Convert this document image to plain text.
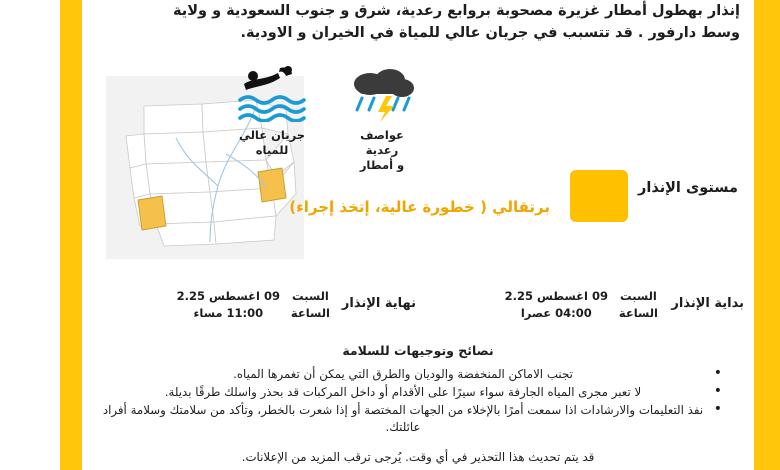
إنذار بهطول أمطار غزيرة مصحوبة بروابع رعدية، شرق و جنوب السعودية و ولاية
وسط دارفور . قد تتسبب في جريان عالي للمياة في الخيران و الاودية.
جريان عالي
للمياه
عواصف رعدية
و أمطار
مستوى الإنذار
برتقالي ( خطورة عالية، إتخذ إجراء)
بداية الإنذار
السبت
الساعة
09 اغسطس 2.25
04:00 عصرا
نهاية الإنذار
السبت
الساعة
09 اغسطس 2.25
11:00 مساء
نصائح وتوجيهات للسلامة
• تجنب الاماكن المنخفضة والوديان والطرق التي يمكن أن تغمرها المياه.
• لا تعبر مجرى المياه الجارفة سواء سيرًا على الأقدام أو داخل المركبات قد بحذر واسلك طرقًا بديلة.
• نفذ التعليمات والارشادات اذا سمعت أمرًا بالإخلاء من الجهات المختصة أو إذا شعرت بالخطر، وتأكد من سلامتك وسلامة أفراد عائلتك.
قد يتم تحديث هذا التحذير في أي وقت. يُرجى ترقب المزيد من الإعلانات.
